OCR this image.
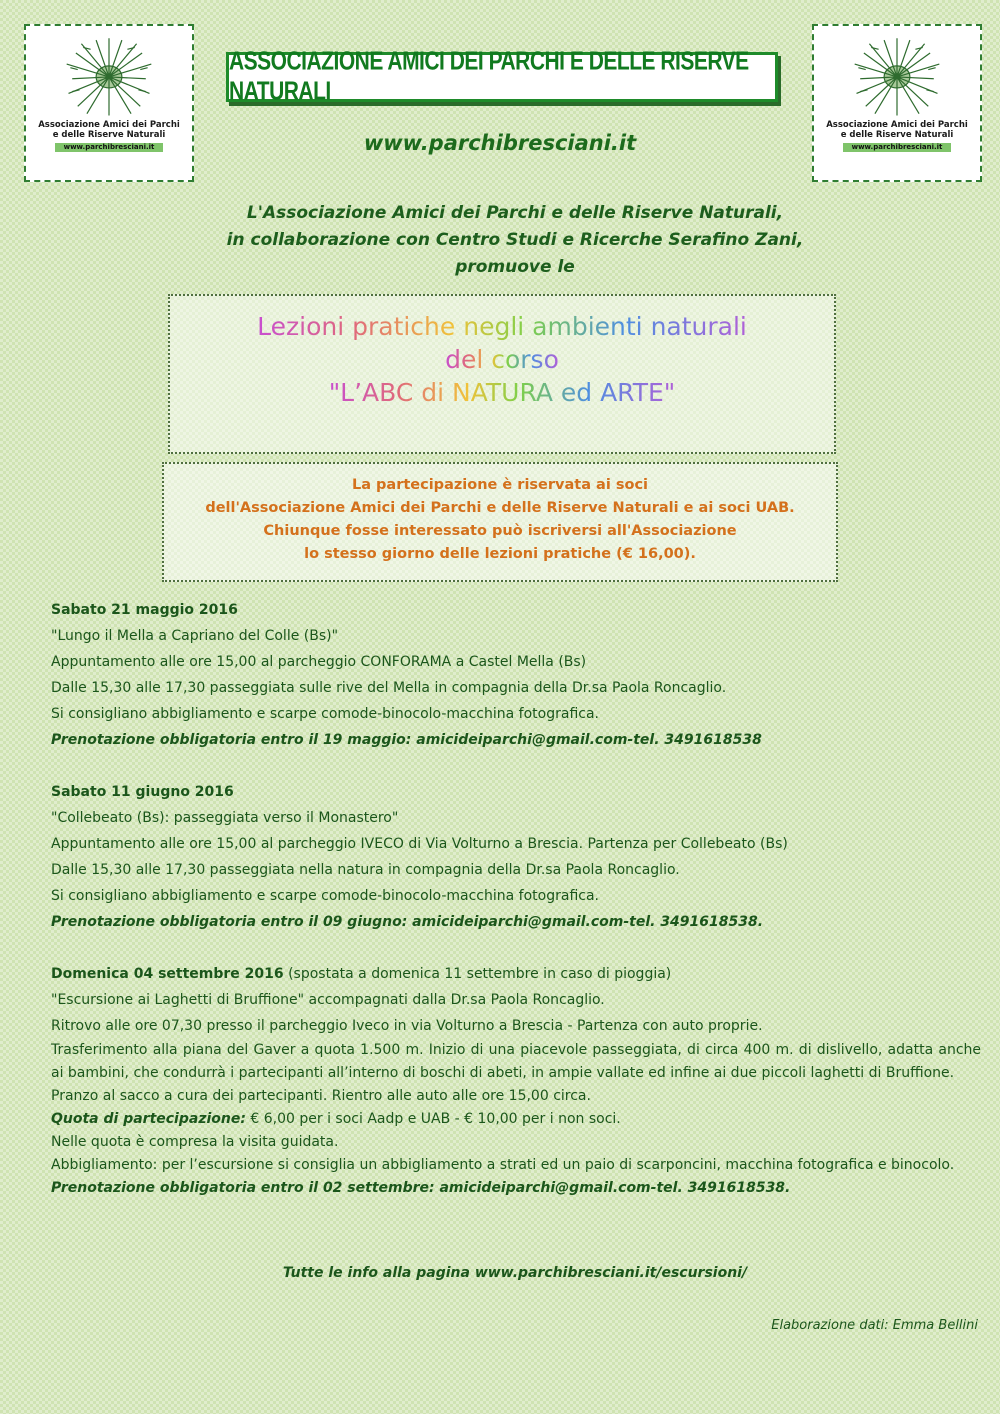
Associazione Amici dei Parchi
e delle Riserve Naturali
www.parchibresciani.it
Associazione Amici dei Parchi
e delle Riserve Naturali
www.parchibresciani.it
ASSOCIAZIONE AMICI DEI PARCHI E DELLE RISERVE NATURALI
www.parchibresciani.it
L'Associazione Amici dei Parchi e delle Riserve Naturali,
in collaborazione con Centro Studi e Ricerche Serafino Zani,
promuove le
Lezioni pratiche negli ambienti naturali
del corso
"L’ABC di NATURA ed ARTE"
La partecipazione è riservata ai soci
dell'Associazione Amici dei Parchi e delle Riserve Naturali e ai soci UAB.
Chiunque fosse interessato può iscriversi all'Associazione
lo stesso giorno delle lezioni pratiche (€ 16,00).

Sabato 21 maggio 2016

"Lungo il Mella a Capriano del Colle (Bs)"

Appuntamento alle ore 15,00 al parcheggio CONFORAMA a Castel Mella (Bs)

Dalle 15,30 alle 17,30 passeggiata sulle rive del Mella in compagnia della Dr.sa Paola Roncaglio.

Si consigliano abbigliamento e scarpe comode-binocolo-macchina fotografica.

Prenotazione obbligatoria entro il 19 maggio: amicideiparchi@gmail.com-tel. 3491618538

Sabato 11 giugno 2016

"Collebeato (Bs): passeggiata verso il Monastero"

Appuntamento alle ore 15,00 al parcheggio IVECO di Via Volturno a Brescia. Partenza per Collebeato (Bs)

Dalle 15,30 alle 17,30 passeggiata nella natura in compagnia della Dr.sa Paola Roncaglio.

Si consigliano abbigliamento e scarpe comode-binocolo-macchina fotografica.

Prenotazione obbligatoria entro il 09 giugno: amicideiparchi@gmail.com-tel. 3491618538.

Domenica 04 settembre 2016 (spostata a domenica 11 settembre in caso di pioggia)

"Escursione ai Laghetti di Bruffione" accompagnati dalla Dr.sa Paola Roncaglio.

Ritrovo alle ore 07,30 presso il parcheggio Iveco in via Volturno a Brescia - Partenza con auto proprie.

Trasferimento alla piana del Gaver a quota 1.500 m. Inizio di una piacevole passeggiata, di circa 400 m. di dislivello, adatta anche ai bambini, che condurrà i partecipanti all’interno di boschi di abeti, in ampie vallate ed infine ai due piccoli laghetti di Bruffione.

Pranzo al sacco a cura dei partecipanti. Rientro alle auto alle ore 15,00 circa.

Quota di partecipazione: € 6,00 per i soci Aadp e UAB - € 10,00 per i non soci.

Nelle quota è compresa la visita guidata.

Abbigliamento: per l’escursione si consiglia un abbigliamento a strati ed un paio di scarponcini, macchina fotografica e binocolo.

Prenotazione obbligatoria entro il 02 settembre: amicideiparchi@gmail.com-tel. 3491618538.

Tutte le info alla pagina www.parchibresciani.it/escursioni/
Elaborazione dati: Emma Bellini
